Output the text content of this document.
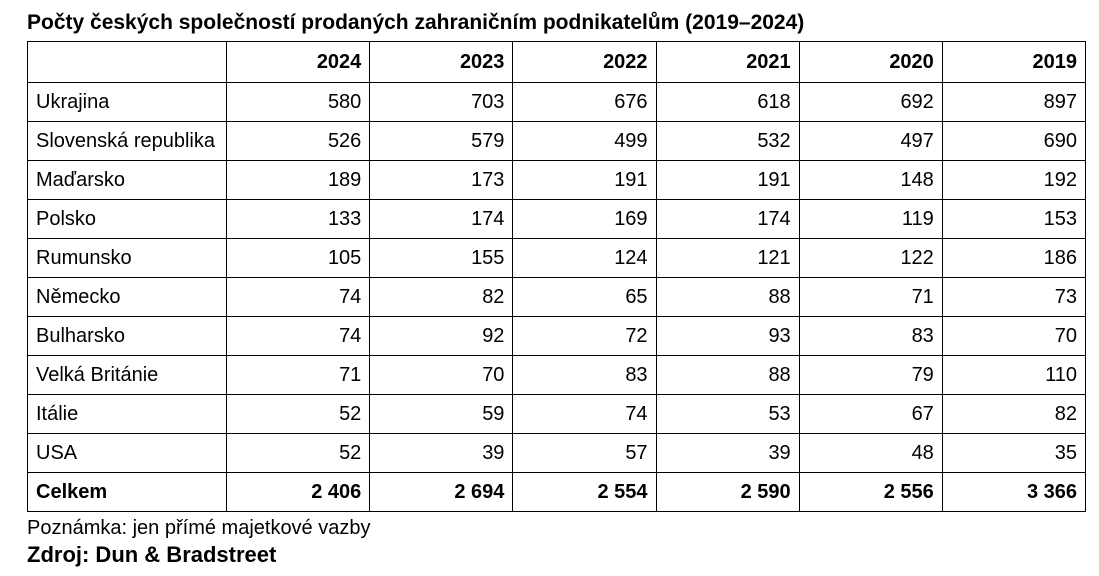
Počty českých společností prodaných zahraničním podnikatelům (2019–2024)
	2024	2023	2022	2021	2020	2019
Ukrajina	580	703	676	618	692	897
Slovenská republika	526	579	499	532	497	690
Maďarsko	189	173	191	191	148	192
Polsko	133	174	169	174	119	153
Rumunsko	105	155	124	121	122	186
Německo	74	82	65	88	71	73
Bulharsko	74	92	72	93	83	70
Velká Británie	71	70	83	88	79	110
Itálie	52	59	74	53	67	82
USA	52	39	57	39	48	35
Celkem	2 406	2 694	2 554	2 590	2 556	3 366
Poznámka: jen přímé majetkové vazby
Zdroj: Dun & Bradstreet
